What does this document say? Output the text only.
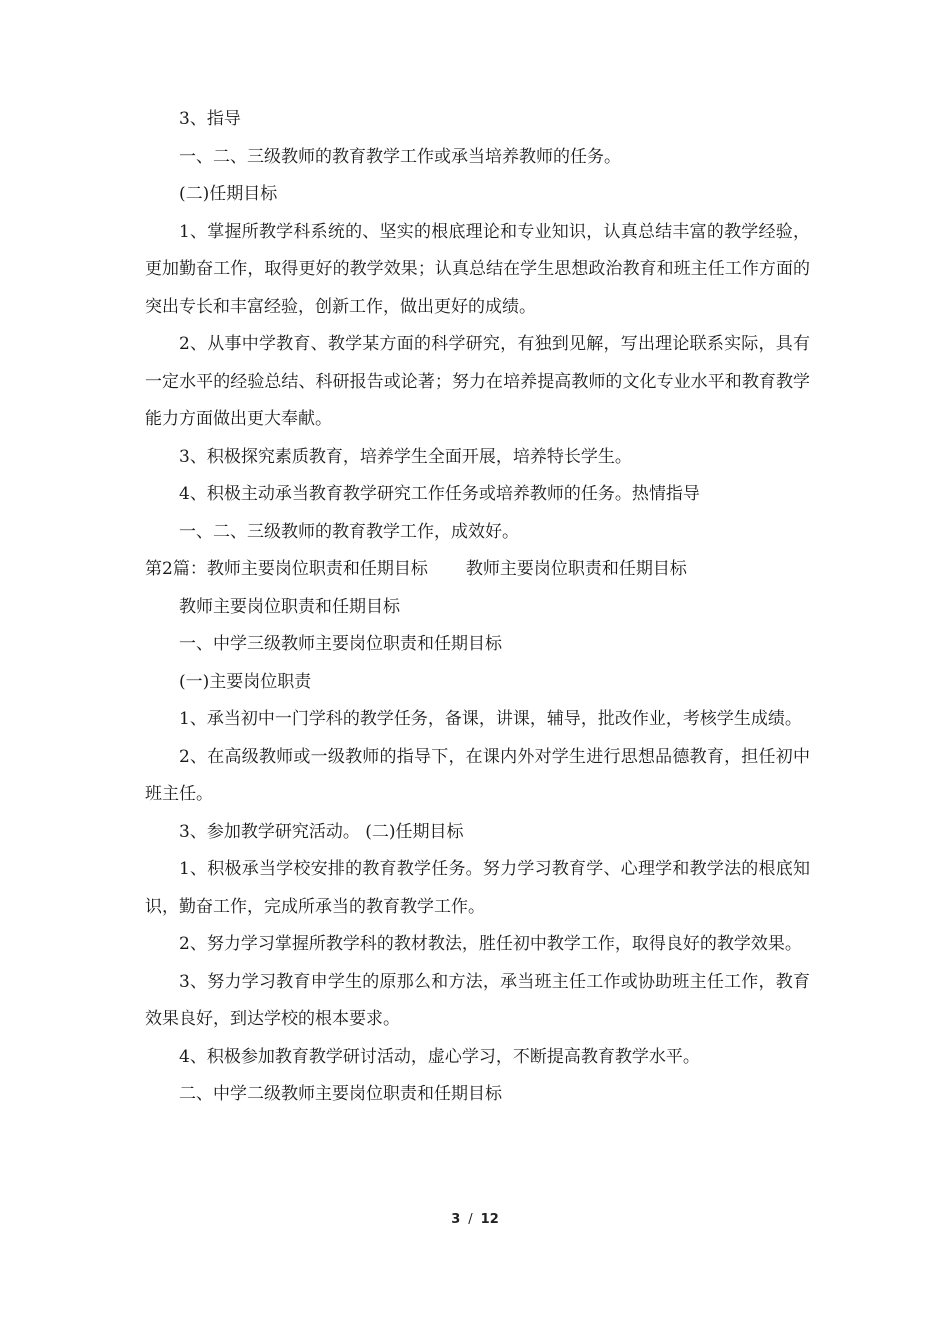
3、指导

一、二、三级教师的教育教学工作或承当培养教师的任务。

(二)任期目标

1、掌握所教学科系统的、坚实的根底理论和专业知识，认真总结丰富的教学经验，更加勤奋工作，取得更好的教学效果；认真总结在学生思想政治教育和班主任工作方面的突出专长和丰富经验，创新工作，做出更好的成绩。

2、从事中学教育、教学某方面的科学研究，有独到见解，写出理论联系实际，具有一定水平的经验总结、科研报告或论著；努力在培养提高教师的文化专业水平和教育教学能力方面做出更大奉献。

3、积极探究素质教育，培养学生全面开展，培养特长学生。

4、积极主动承当教育教学研究工作任务或培养教师的任务。热情指导

一、二、三级教师的教育教学工作，成效好。

第2篇：教师主要岗位职责和任期目标 教师主要岗位职责和任期目标

教师主要岗位职责和任期目标

一、中学三级教师主要岗位职责和任期目标

(一)主要岗位职责

1、承当初中一门学科的教学任务，备课，讲课，辅导，批改作业，考核学生成绩。

2、在高级教师或一级教师的指导下，在课内外对学生进行思想品德教育，担任初中班主任。

3、参加教学研究活动。 (二)任期目标

1、积极承当学校安排的教育教学任务。努力学习教育学、心理学和教学法的根底知识，勤奋工作，完成所承当的教育教学工作。

2、努力学习掌握所教学科的教材教法，胜任初中教学工作，取得良好的教学效果。

3、努力学习教育申学生的原那么和方法，承当班主任工作或协助班主任工作，教育效果良好，到达学校的根本要求。

4、积极参加教育教学研讨活动，虚心学习，不断提高教育教学水平。

二、中学二级教师主要岗位职责和任期目标

3 / 12
